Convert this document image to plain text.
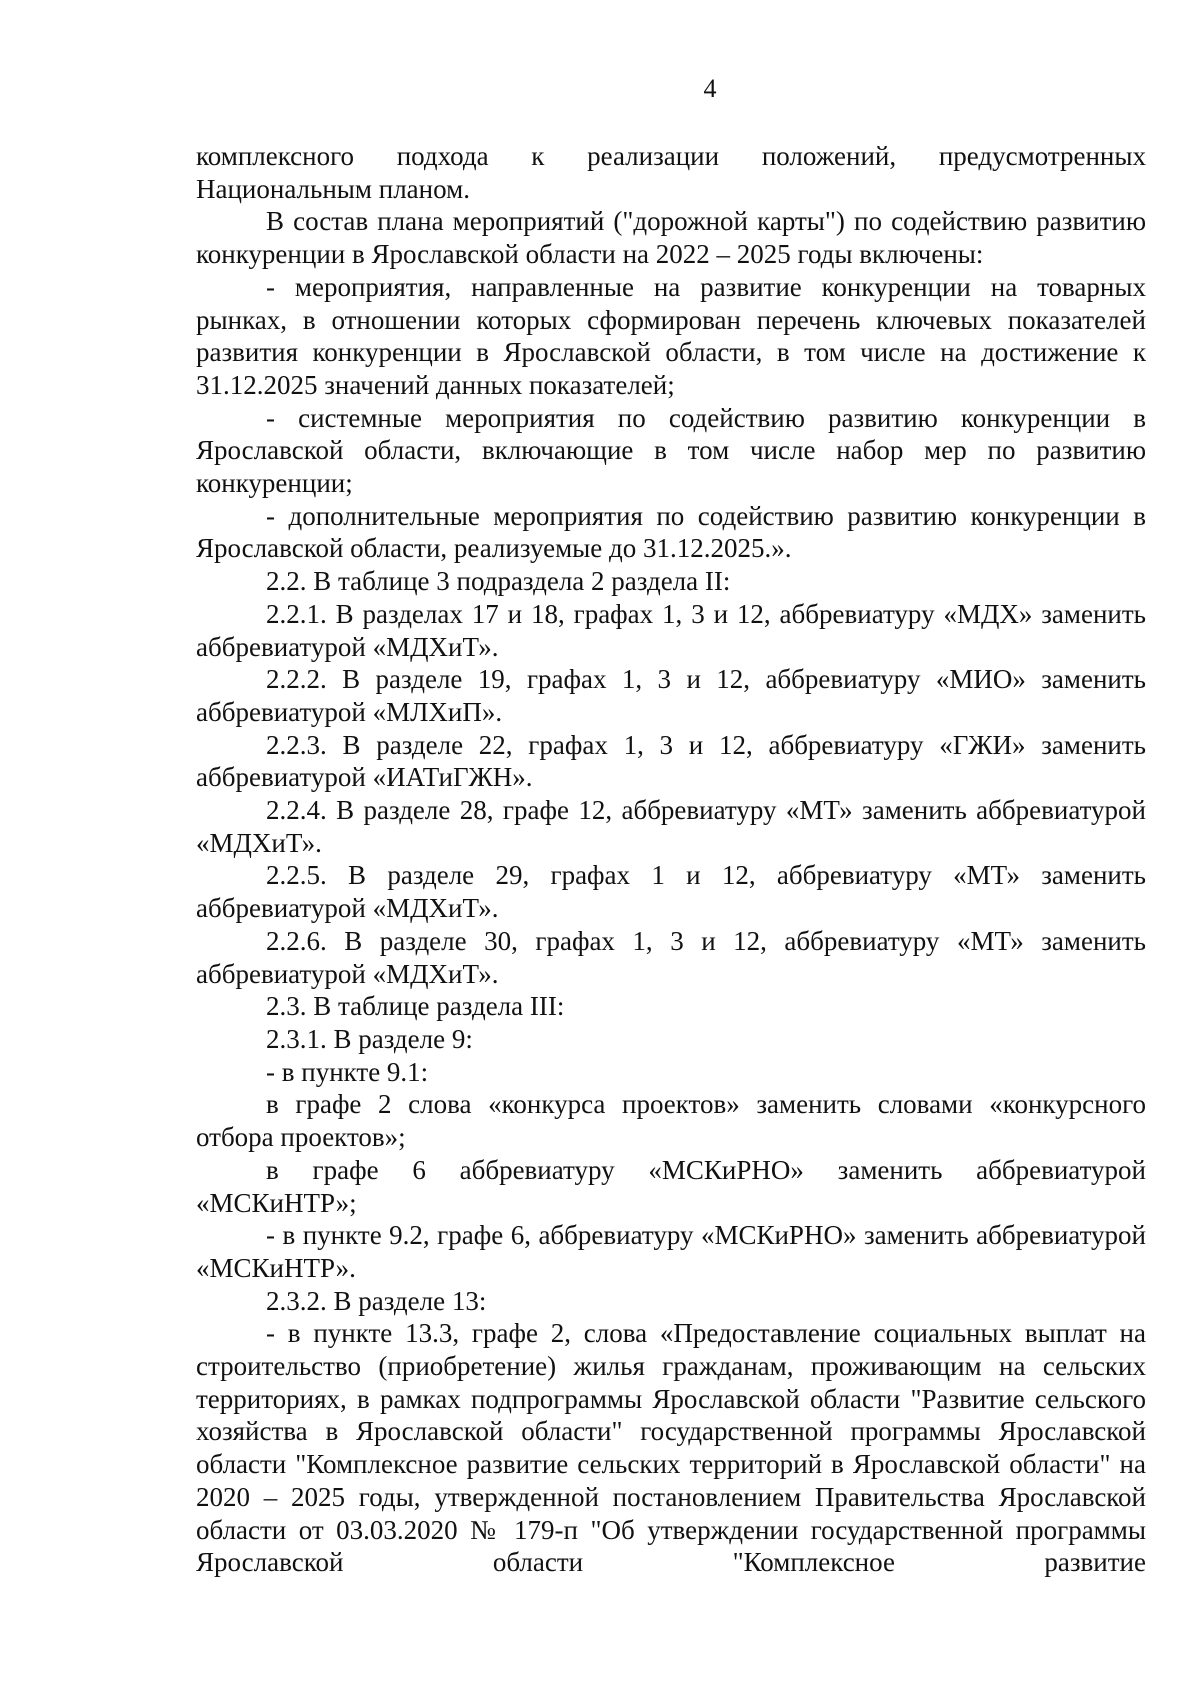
4

комплексного подхода к реализации положений, предусмотренных Национальным планом.

В состав плана мероприятий ("дорожной карты") по содействию развитию конкуренции в Ярославской области на 2022 – 2025 годы включены:

- мероприятия, направленные на развитие конкуренции на товарных рынках, в отношении которых сформирован перечень ключевых показателей развития конкуренции в Ярославской области, в том числе на достижение к 31.12.2025 значений данных показателей;

- системные мероприятия по содействию развитию конкуренции в Ярославской области, включающие в том числе набор мер по развитию конкуренции;

- дополнительные мероприятия по содействию развитию конкуренции в Ярославской области, реализуемые до 31.12.2025.».

2.2. В таблице 3 подраздела 2 раздела II:

2.2.1. В разделах 17 и 18, графах 1, 3 и 12, аббревиатуру «МДХ» заменить аббревиатурой «МДХиТ».

2.2.2. В разделе 19, графах 1, 3 и 12, аббревиатуру «МИО» заменить аббревиатурой «МЛХиП».

2.2.3. В разделе 22, графах 1, 3 и 12, аббревиатуру «ГЖИ» заменить аббревиатурой «ИАТиГЖН».

2.2.4. В разделе 28, графе 12, аббревиатуру «МТ» заменить аббревиатурой «МДХиТ».

2.2.5. В разделе 29, графах 1 и 12, аббревиатуру «МТ» заменить аббревиатурой «МДХиТ».

2.2.6. В разделе 30, графах 1, 3 и 12, аббревиатуру «МТ» заменить аббревиатурой «МДХиТ».

2.3. В таблице раздела III:

2.3.1. В разделе 9:

- в пункте 9.1:

в графе 2 слова «конкурса проектов» заменить словами «конкурсного отбора проектов»;

в графе 6 аббревиатуру «МСКиРНО» заменить аббревиатурой «МСКиНТР»;

- в пункте 9.2, графе 6, аббревиатуру «МСКиРНО» заменить аббревиатурой «МСКиНТР».

2.3.2. В разделе 13:

- в пункте 13.3, графе 2, слова «Предоставление социальных выплат на строительство (приобретение) жилья гражданам, проживающим на сельских территориях, в рамках подпрограммы Ярославской области "Развитие сельского хозяйства в Ярославской области" государственной программы Ярославской области "Комплексное развитие сельских территорий в Ярославской области" на 2020 – 2025 годы, утвержденной постановлением Правительства Ярославской области от 03.03.2020 № 179-п "Об утверждении государственной программы Ярославской области "Комплексное развитие
